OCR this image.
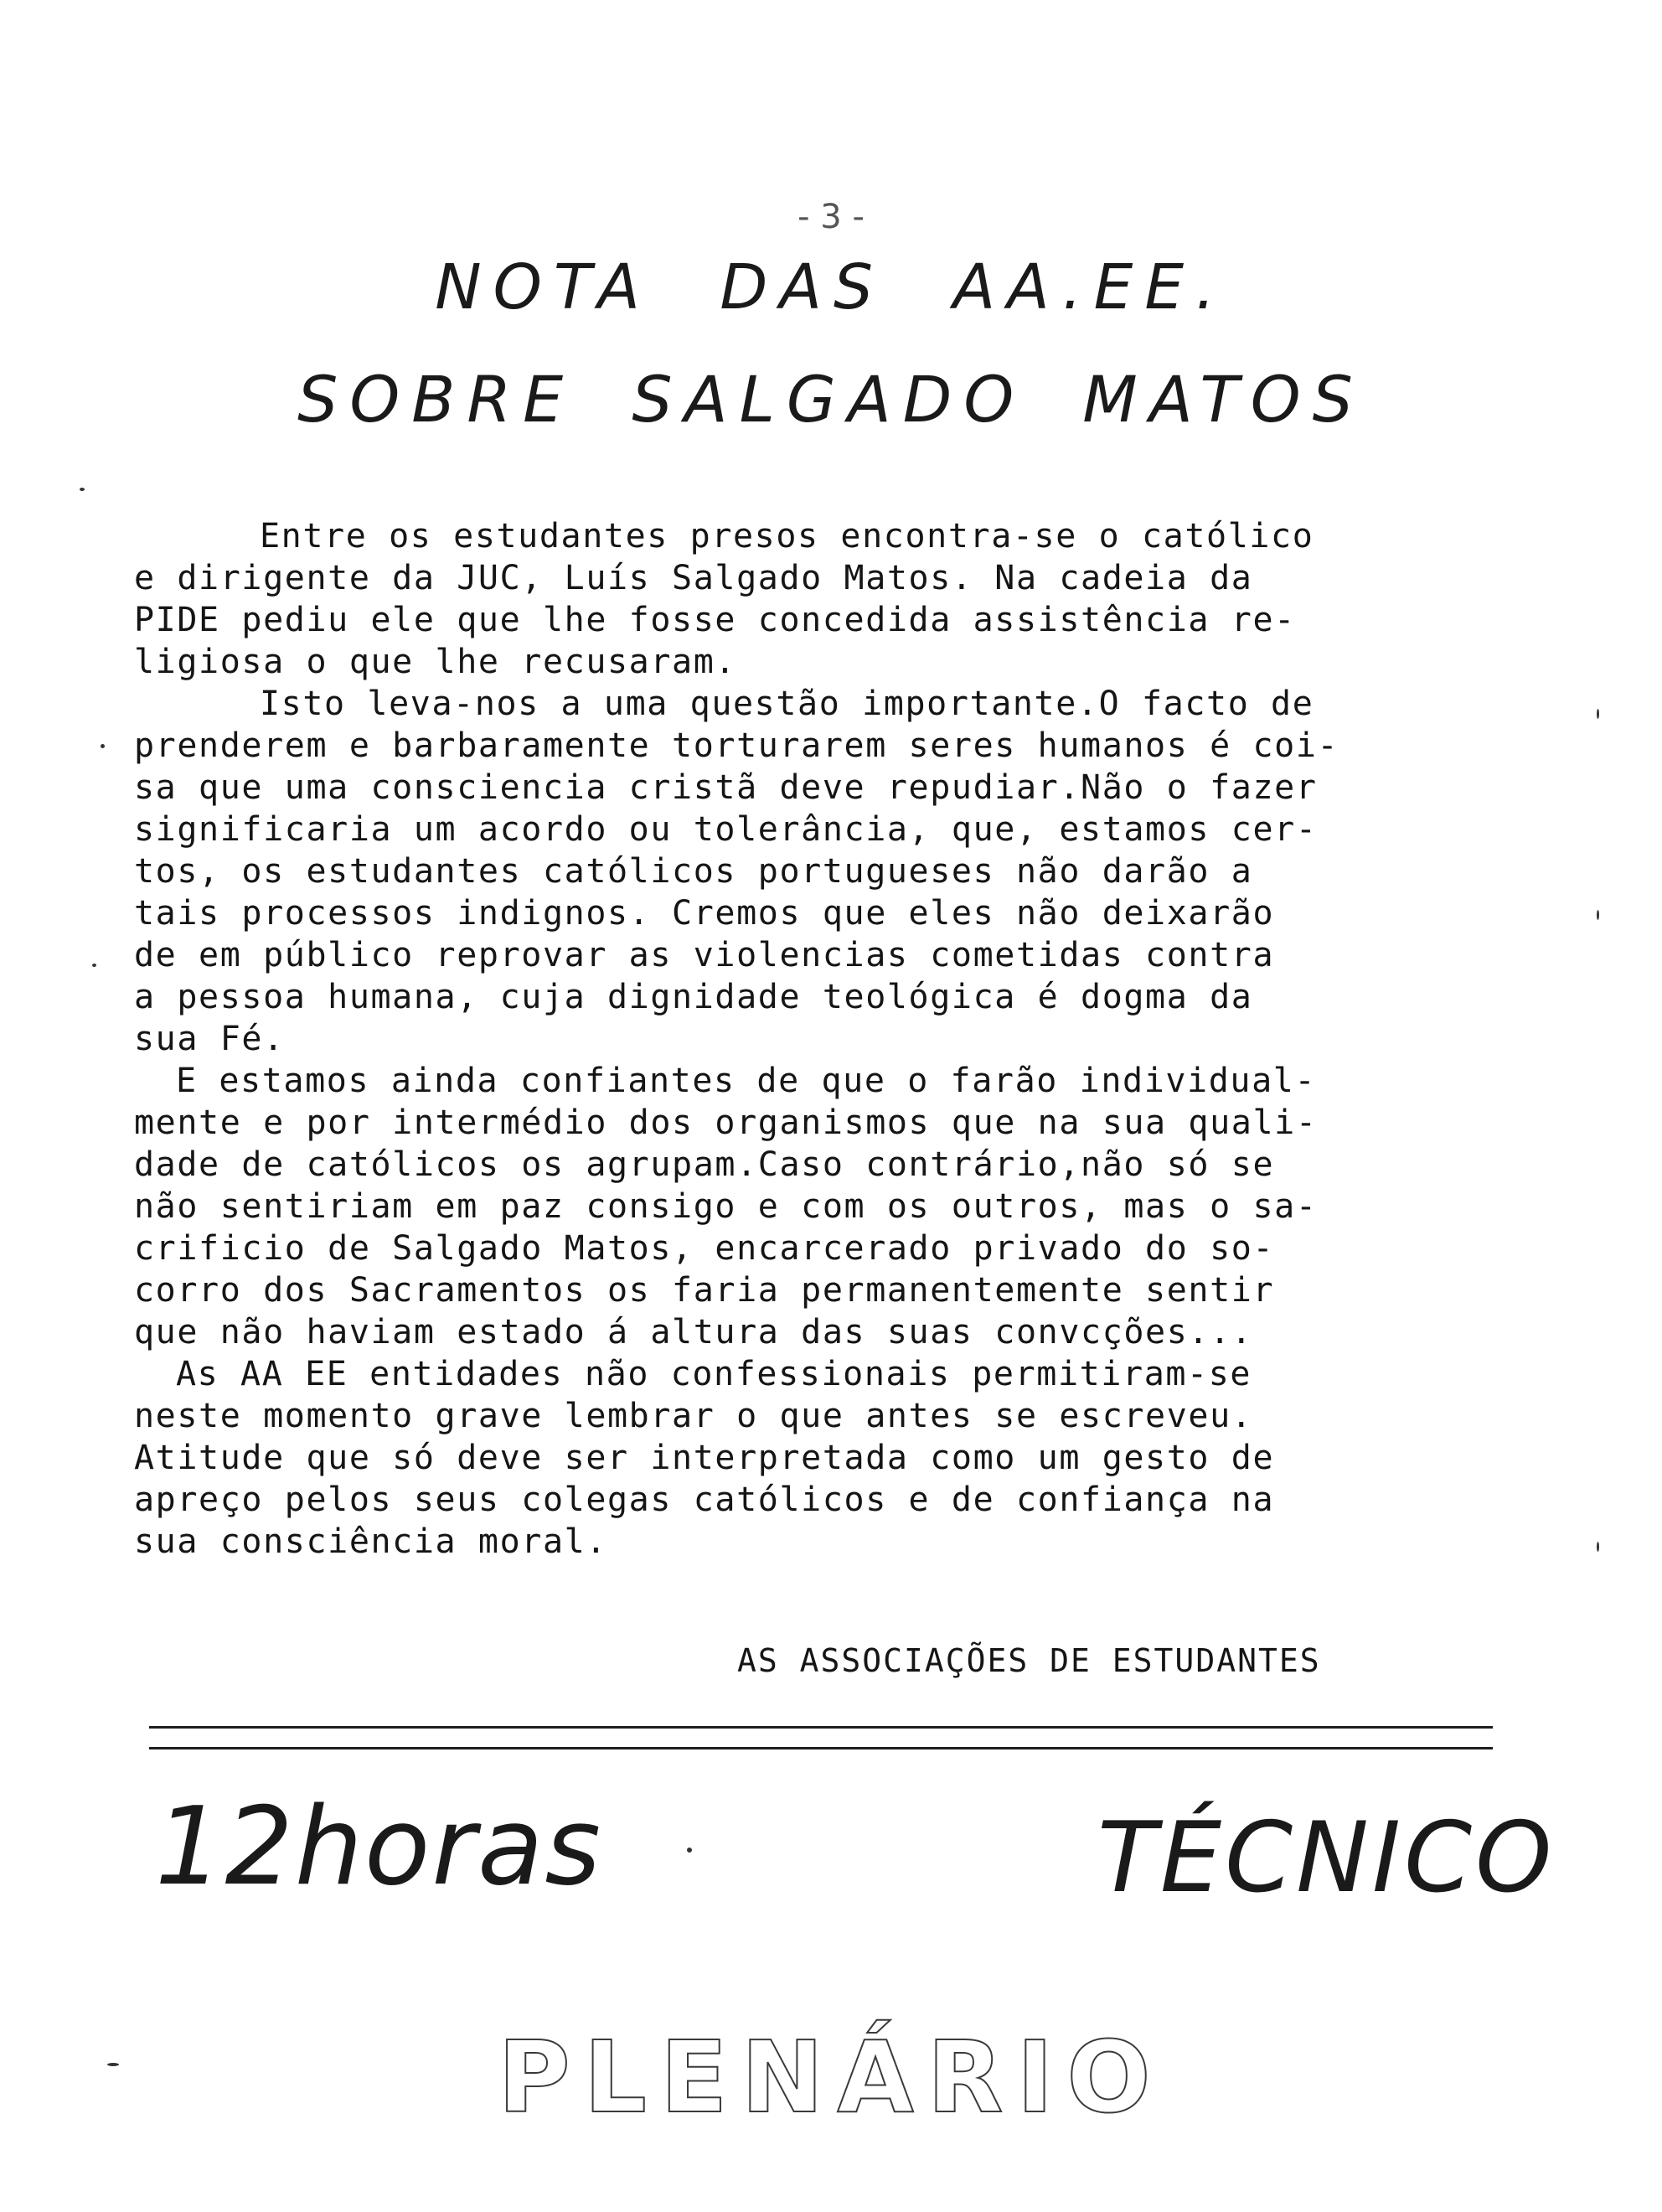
- 3 -
NOTA DAS AA.EE.
SOBRE SALGADO MATOS
Entre os estudantes presos encontra-se o católico
e dirigente da JUC, Luís Salgado Matos. Na cadeia da
PIDE pediu ele que lhe fosse concedida assistência re-
ligiosa o que lhe recusaram.
Isto leva-nos a uma questão importante.O facto de
prenderem e barbaramente torturarem seres humanos é coi-
sa que uma consciencia cristã deve repudiar.Não o fazer
significaria um acordo ou tolerância, que, estamos cer-
tos, os estudantes católicos portugueses não darão a
tais processos indignos. Cremos que eles não deixarão
de em público reprovar as violencias cometidas contra
a pessoa humana, cuja dignidade teológica é dogma da
sua Fé.
E estamos ainda confiantes de que o farão individual-
mente e por intermédio dos organismos que na sua quali-
dade de católicos os agrupam.Caso contrário,não só se
não sentiriam em paz consigo e com os outros, mas o sa-
crificio de Salgado Matos, encarcerado privado do so-
corro dos Sacramentos os faria permanentemente sentir
que não haviam estado á altura das suas convcções...
As AA EE entidades não confessionais permitiram-se
neste momento grave lembrar o que antes se escreveu.
Atitude que só deve ser interpretada como um gesto de
apreço pelos seus colegas católicos e de confiança na
sua consciência moral.
AS ASSOCIAÇÕES DE ESTUDANTES
12horas	TÉCNICO
PLENÁRIO
